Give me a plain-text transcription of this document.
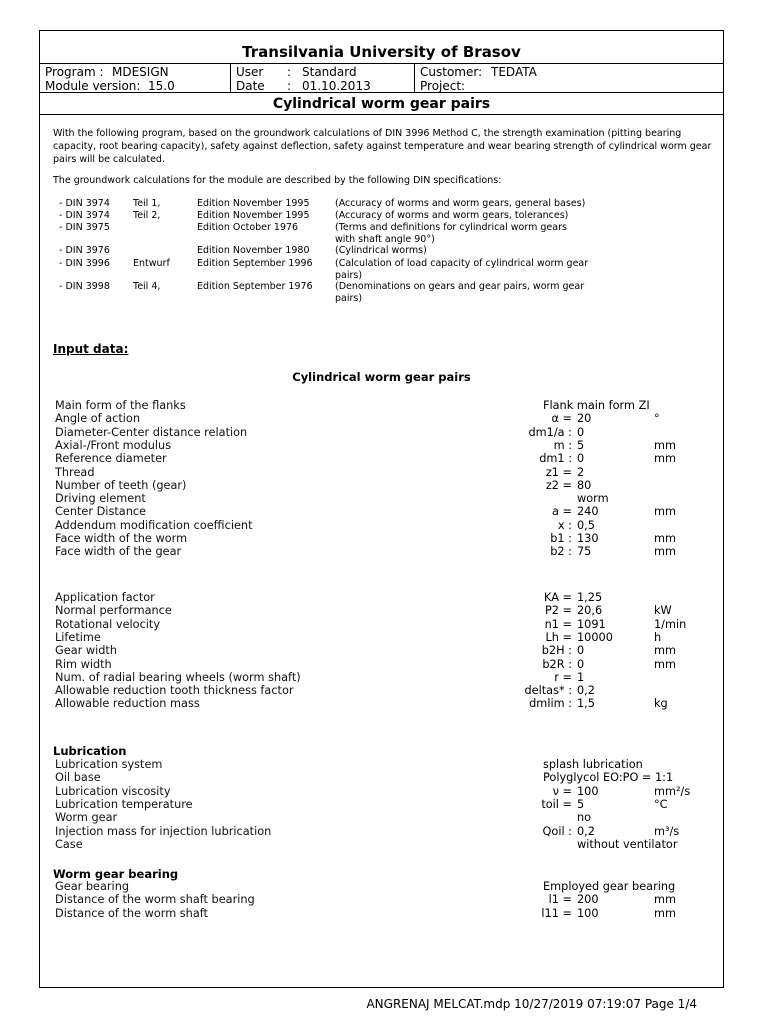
Transilvania University of Brasov
Program : MDESIGN
Module version: 15.0
User : Standard
Date : 01.10.2013
Customer: TEDATA
Project:
Cylindrical worm gear pairs
With the following program, based on the groundwork calculations of DIN 3996 Method C, the strength examination (pitting bearing capacity, root bearing capacity), safety against deflection, safety against temperature and wear bearing strength of cylindrical worm gear pairs will be calculated.
The groundwork calculations for the module are described by the following DIN specifications:
- DIN 3974 Teil 1,	Edition November 1995	(Accuracy of worms and worm gears, general bases)
- DIN 3974 Teil 2,	Edition November 1995	(Accuracy of worms and worm gears, tolerances)
- DIN 3975	Edition October 1976	(Terms and definitions for cylindrical worm gears
with shaft angle 90°)
- DIN 3976	Edition November 1980	(Cylindrical worms)
- DIN 3996 Entwurf	Edition September 1996 (Calculation of load capacity of cylindrical worm gear
pairs)
- DIN 3998 Teil 4,	Edition September 1976 (Denominations on gears and gear pairs, worm gear
pairs)
Input data:
Cylindrical worm gear pairs
Main form of the flanks	Flank main form ZI
Angle of action	α = 20	°
Diameter-Center distance relation	dm1/a : 0
Axial-/Front modulus	m : 5	mm
Reference diameter	dm1 : 0	mm
Thread	z1 = 2
Number of teeth (gear)	z2 = 80
Driving element	worm
Center Distance	a = 240	mm
Addendum modification coefficient	x : 0,5
Face width of the worm	b1 : 130	mm
Face width of the gear	b2 : 75	mm
Application factor	KA = 1,25
Normal performance	P2 = 20,6	kW
Rotational velocity	n1 = 1091	1/min
Lifetime	Lh = 10000	h
Gear width	b2H : 0	mm
Rim width	b2R : 0	mm
Num. of radial bearing wheels (worm shaft)	r = 1
Allowable reduction tooth thickness factor	deltas* : 0,2
Allowable reduction mass	dmlim : 1,5	kg
Lubrication
Lubrication system	splash lubrication
Oil base	Polyglycol EO:PO = 1:1
Lubrication viscosity	ν = 100	mm²/s
Lubrication temperature	toil = 5	°C
Worm gear	no
Injection mass for injection lubrication	Qoil : 0,2	m³/s
Case	without ventilator
Worm gear bearing
Gear bearing	Employed gear bearing
Distance of the worm shaft bearing	l1 = 200	mm
Distance of the worm shaft	l11 = 100	mm
ANGRENAJ MELCAT.mdp 10/27/2019 07:19:07 Page 1/4
